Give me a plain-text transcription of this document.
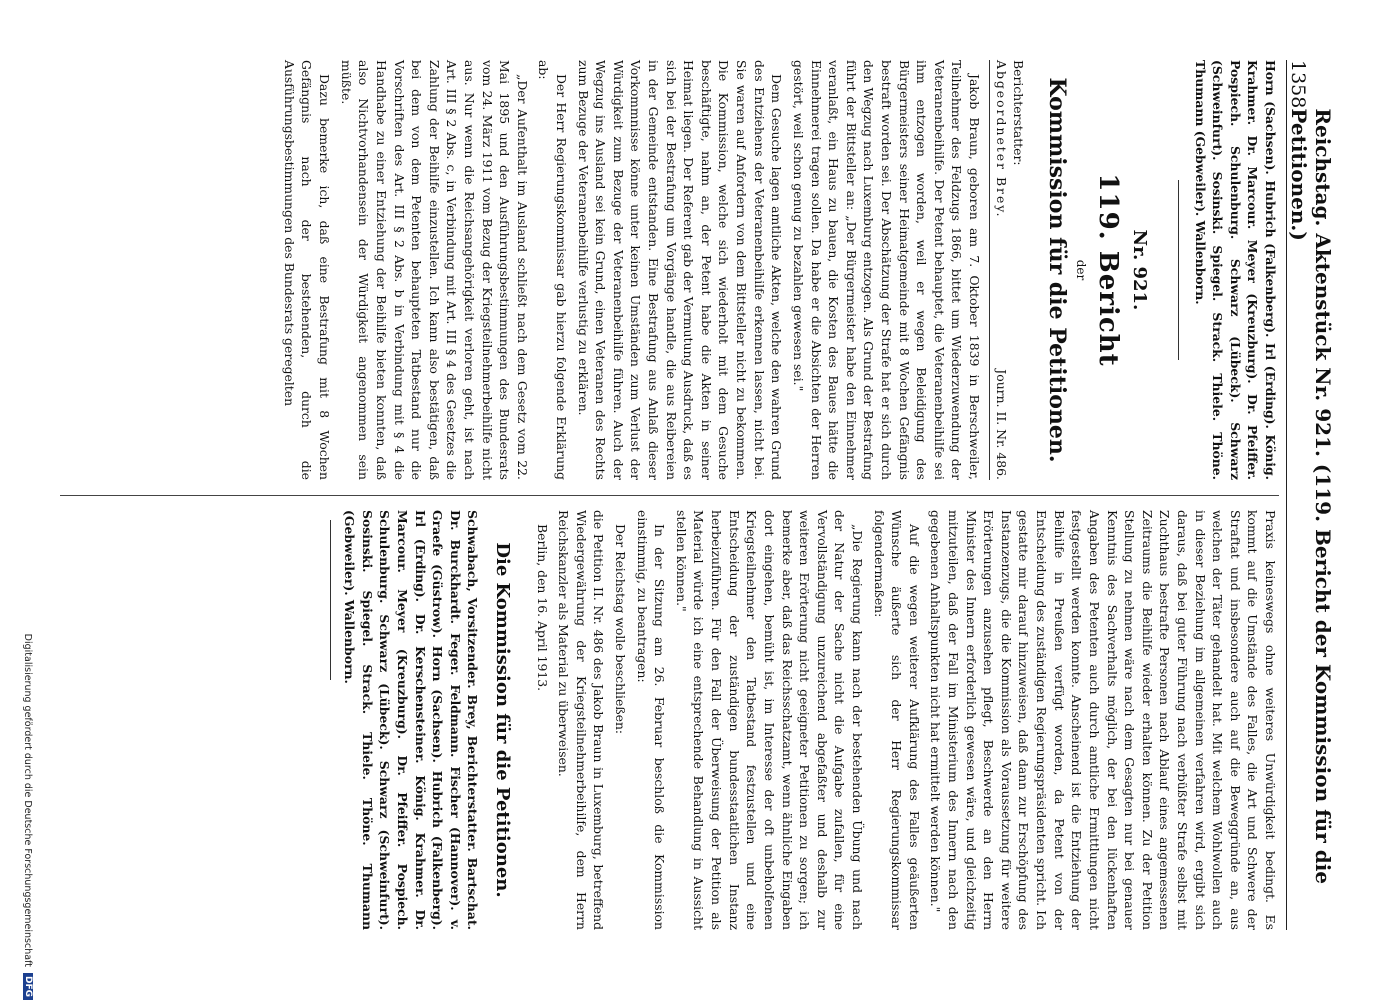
1358
Reichstag. Aktenstück Nr. 921. (119. Bericht der Kommission für die Petitionen.)

Horn (Sachsen). Hubrich (Falkenberg). Irl (Erding). König. Krahmer. Dr. Marcour. Meyer (Kreuzburg). Dr. Pfeiffer. Pospiech. Schulenburg. Schwarz (Lübeck). Schwarz (Schweinfurt). Sosinski. Spiegel. Strack. Thiele. Thöne. Thumann (Gebweiler). Wallenborn.

Nr. 921.
119. Bericht
der
Kommission für die Petitionen.
Berichterstatter:
Abgeordneter Brey.
Journ. II. Nr. 486.

Jakob Braun, geboren am 7. Oktober 1839 in Berschweiler, Teilnehmer des Feldzugs 1866, bittet um Wiederzuwendung der Veteranenbeihilfe. Der Petent behauptet, die Veteranenbeihilfe sei ihm entzogen worden, weil er wegen Beleidigung des Bürgermeisters seiner Heimatgemeinde mit 8 Wochen Gefängnis bestraft worden sei. Der Abschätzung der Strafe hat er sich durch den Wegzug nach Luxemburg entzogen. Als Grund der Bestrafung führt der Bittsteller an: „Der Bürgermeister habe den Einnehmer veranlaßt, ein Haus zu bauen, die Kosten des Baues hätte die Einnehmerei tragen sollen. Da habe er die Absichten der Herren gestört, weil schon genug zu bezahlen gewesen sei."

Dem Gesuche lagen amtliche Akten, welche den wahren Grund des Entziehens der Veteranenbeihilfe erkennen lassen, nicht bei. Sie waren auf Anfordern von dem Bittsteller nicht zu bekommen. Die Kommission, welche sich wiederholt mit dem Gesuche beschäftigte, nahm an, der Petent habe die Akten in seiner Heimat liegen. Der Referent gab der Vermutung Ausdruck, daß es sich bei der Bestrafung um Vorgänge handle, die aus Reibereien in der Gemeinde entstanden. Eine Bestrafung aus Anlaß dieser Vorkommnisse könne unter keinen Umständen zum Verlust der Würdigkeit zum Bezuge der Veteranenbeihilfe führen. Auch der Wegzug ins Ausland sei kein Grund, einen Veteranen des Rechts zum Bezuge der Veteranenbeihilfe verlustig zu erklären.

Der Herr Regierungskommissar gab hierzu folgende Erklärung ab:

„Der Aufenthalt im Ausland schließt nach dem Gesetz vom 22. Mai 1895 und den Ausführungsbestimmungen des Bundesrats vom 24. März 1911 vom Bezug der Kriegsteilnehmerbeihilfe nicht aus. Nur wenn die Reichsangehörigkeit verloren geht, ist nach Art. III § 2 Abs. c, in Verbindung mit Art. III § 4 des Gesetzes die Zahlung der Beihilfe einzustellen. Ich kann also bestätigen, daß bei dem von dem Petenten behaupteten Tatbestand nur die Vorschriften des Art. III § 2 Abs. b in Verbindung mit § 4 die Handhabe zu einer Entziehung der Beihilfe bieten konnten, daß also Nichtvorhandensein der Würdigkeit angenommen sein müßte.

Dazu bemerke ich, daß eine Bestrafung mit 8 Wochen Gefängnis nach der bestehenden, durch die Ausführungsbestimmungen des Bundesrats geregelten

Praxis keineswegs ohne weiteres Unwürdigkeit bedingt. Es kommt auf die Umstände des Falles, die Art und Schwere der Straftat und insbesondere auch auf die Beweggründe an, aus welchen der Täter gehandelt hat. Mit welchem Wohlwollen auch in dieser Beziehung im allgemeinen verfahren wird, ergibt sich daraus, daß bei guter Führung nach verbüßter Strafe selbst mit Zuchthaus bestrafte Personen nach Ablauf eines angemessenen Zeitraums die Beihilfe wieder erhalten können. Zu der Petition Stellung zu nehmen wäre nach dem Gesagten nur bei genauer Kenntnis des Sachverhalts möglich, der bei den lückenhaften Angaben des Petenten auch durch amtliche Ermittlungen nicht festgestellt werden konnte. Anscheinend ist die Entziehung der Beihilfe in Preußen verfügt worden, da Petent von der Entscheidung des zuständigen Regierungspräsidenten spricht. Ich gestatte mir darauf hinzuweisen, daß dann zur Erschöpfung des Instanzenzugs, die die Kommission als Voraussetzung für weitere Erörterungen anzusehen pflegt, Beschwerde an den Herrn Minister des Innern erforderlich gewesen wäre, und gleichzeitig mitzuteilen, daß der Fall im Ministerium des Innern nach den gegebenen Anhaltspunkten nicht hat ermittelt werden können."

Auf die wegen weiterer Aufklärung des Falles geäußerten Wünsche äußerte sich der Herr Regierungskommissar folgendermaßen:

„Die Regierung kann nach der bestehenden Übung und nach der Natur der Sache nicht die Aufgabe zufallen, für eine Vervollständigung unzureichend abgefaßter und deshalb zur weiteren Erörterung nicht geeigneter Petitionen zu sorgen; ich bemerke aber, daß das Reichsschatzamt, wenn ähnliche Eingaben dort eingehen, bemüht ist, im Interesse der oft unbeholfenen Kriegsteilnehmer den Tatbestand festzustellen und eine Entscheidung der zuständigen bundesstaatlichen Instanz herbeizuführen. Für den Fall der Überweisung der Petition als Material würde ich eine entsprechende Behandlung in Aussicht stellen können."

In der Sitzung am 26. Februar beschloß die Kommission einstimmig, zu beantragen:

Der Reichstag wolle beschließen:

die Petition II. Nr. 486 des Jakob Braun in Luxemburg, betreffend Wiedergewährung der Kriegsteilnehmerbeihilfe, dem Herrn Reichskanzler als Material zu überweisen.

Berlin, den 16. April 1913.

Die Kommission für die Petitionen.

Schwabach, Vorsitzender. Brey, Berichterstatter. Bartschat. Dr. Burckhardt. Feger. Feldmann. Fischer (Hannover). v. Graefe (Güstrow). Horn (Sachsen). Hubrich (Falkenberg). Irl (Erding). Dr. Kerschensteiner. König. Krahmer. Dr. Marcour. Meyer (Kreuzburg). Dr. Pfeiffer. Pospiech. Schulenburg. Schwarz (Lübeck). Schwarz (Schweinfurt). Sosinski. Spiegel. Strack. Thiele. Thöne. Thumann (Gebweiler). Wallenborn.

Digitalisierung gefördert durch die Deutsche Forschungsgemeinschaft
DFG
